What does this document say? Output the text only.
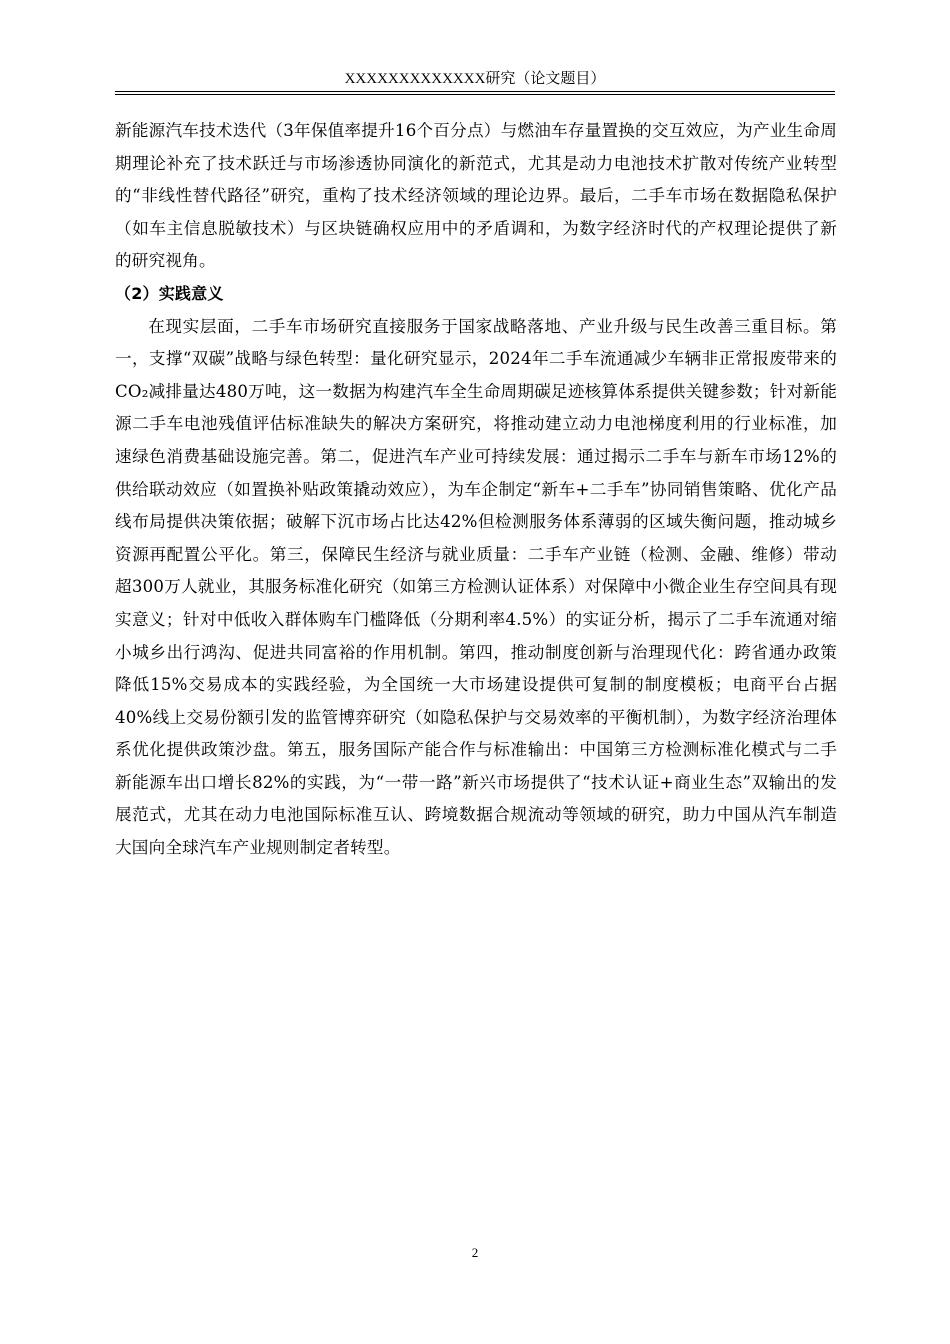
XXXXXXXXXXXXX研究（论文题目）

新能源汽车技术迭代（3年保值率提升16个百分点）与燃油车存量置换的交互效应，为产业生命周期理论补充了技术跃迁与市场渗透协同演化的新范式，尤其是动力电池技术扩散对传统产业转型的“非线性替代路径”研究，重构了技术经济领域的理论边界。最后，二手车市场在数据隐私保护（如车主信息脱敏技术）与区块链确权应用中的矛盾调和，为数字经济时代的产权理论提供了新的研究视角。

（2）实践意义

在现实层面，二手车市场研究直接服务于国家战略落地、产业升级与民生改善三重目标。第一，支撑“双碳”战略与绿色转型：量化研究显示，2024年二手车流通减少车辆非正常报废带来的CO₂减排量达480万吨，这一数据为构建汽车全生命周期碳足迹核算体系提供关键参数；针对新能源二手车电池残值评估标准缺失的解决方案研究，将推动建立动力电池梯度利用的行业标准，加速绿色消费基础设施完善。第二，促进汽车产业可持续发展：通过揭示二手车与新车市场12%的供给联动效应（如置换补贴政策撬动效应），为车企制定“新车+二手车”协同销售策略、优化产品线布局提供决策依据；破解下沉市场占比达42%但检测服务体系薄弱的区域失衡问题，推动城乡资源再配置公平化。第三，保障民生经济与就业质量：二手车产业链（检测、金融、维修）带动超300万人就业，其服务标准化研究（如第三方检测认证体系）对保障中小微企业生存空间具有现实意义；针对中低收入群体购车门槛降低（分期利率4.5%）的实证分析，揭示了二手车流通对缩小城乡出行鸿沟、促进共同富裕的作用机制。第四，推动制度创新与治理现代化：跨省通办政策降低15%交易成本的实践经验，为全国统一大市场建设提供可复制的制度模板；电商平台占据40%线上交易份额引发的监管博弈研究（如隐私保护与交易效率的平衡机制），为数字经济治理体系优化提供政策沙盘。第五，服务国际产能合作与标准输出：中国第三方检测标准化模式与二手新能源车出口增长82%的实践，为“一带一路”新兴市场提供了“技术认证+商业生态”双输出的发展范式，尤其在动力电池国际标准互认、跨境数据合规流动等领域的研究，助力中国从汽车制造大国向全球汽车产业规则制定者转型。

2
